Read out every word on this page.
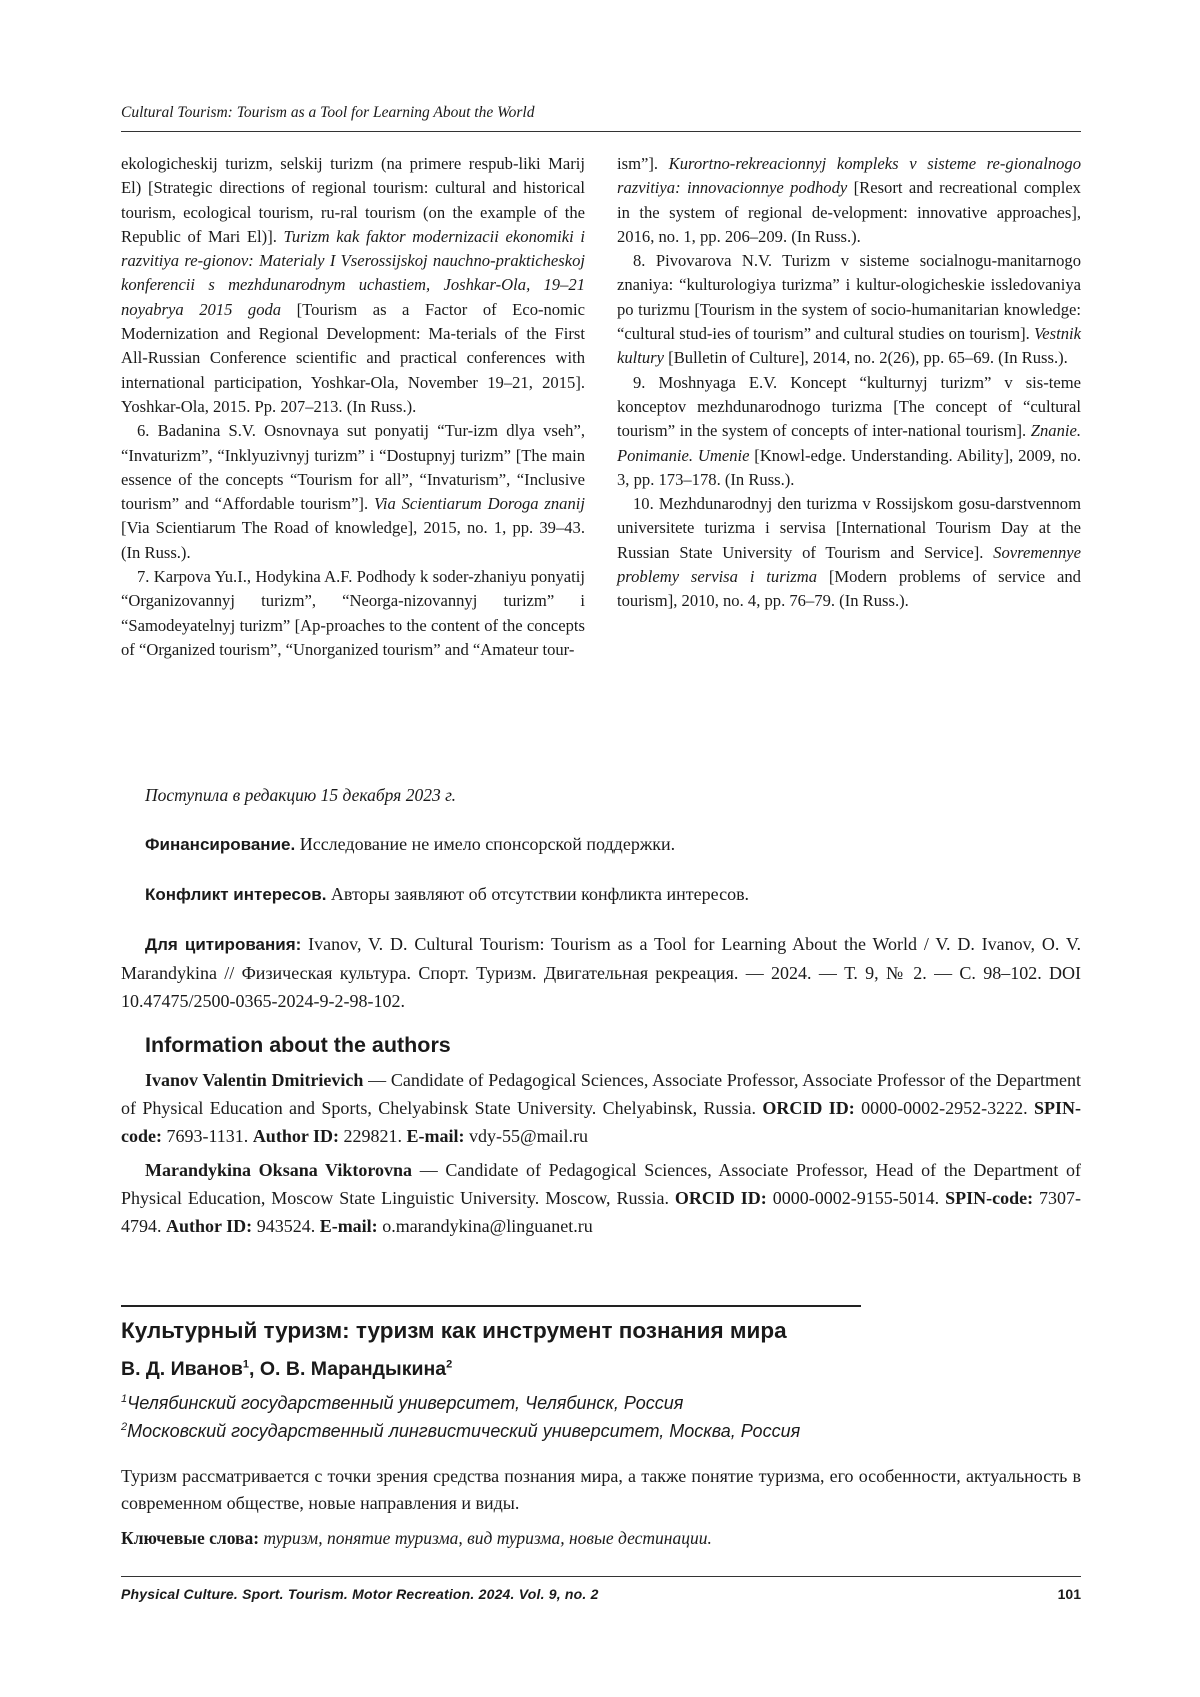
Cultural Tourism: Tourism as a Tool for Learning About the World

ekologicheskij turizm, selskij turizm (na primere respub-liki Marij El) [Strategic directions of regional tourism: cultural and historical tourism, ecological tourism, ru-ral tourism (on the example of the Republic of Mari El)]. Turizm kak faktor modernizacii ekonomiki i razvitiya re-gionov: Materialy I Vserossijskoj nauchno-prakticheskoj konferencii s mezhdunarodnym uchastiem, Joshkar-Ola, 19–21 noyabrya 2015 goda [Tourism as a Factor of Eco-nomic Modernization and Regional Development: Ma-terials of the First All-Russian Conference scientific and practical conferences with international participation, Yoshkar-Ola, November 19–21, 2015]. Yoshkar-Ola, 2015. Pp. 207–213. (In Russ.).

6. Badanina S.V. Osnovnaya sut ponyatij “Tur-izm dlya vseh”, “Invaturizm”, “Inklyuzivnyj turizm” i “Dostupnyj turizm” [The main essence of the concepts “Tourism for all”, “Invaturism”, “Inclusive tourism” and “Affordable tourism”]. Via Scientiarum Doroga znanij [Via Scientiarum The Road of knowledge], 2015, no. 1, pp. 39–43. (In Russ.).

7. Karpova Yu.I., Hodykina A.F. Podhody k soder-zhaniyu ponyatij “Organizovannyj turizm”, “Neorga-nizovannyj turizm” i “Samodeyatelnyj turizm” [Ap-proaches to the content of the concepts of “Organized tourism”, “Unorganized tourism” and “Amateur tour-

ism”]. Kurortno-rekreacionnyj kompleks v sisteme re-gionalnogo razvitiya: innovacionnye podhody [Resort and recreational complex in the system of regional de-velopment: innovative approaches], 2016, no. 1, pp. 206–209. (In Russ.).

8. Pivovarova N.V. Turizm v sisteme socialnogu-manitarnogo znaniya: “kulturologiya turizma” i kultur-ologicheskie issledovaniya po turizmu [Tourism in the system of socio-humanitarian knowledge: “cultural stud-ies of tourism” and cultural studies on tourism]. Vestnik kultury [Bulletin of Culture], 2014, no. 2(26), pp. 65–69. (In Russ.).

9. Moshnyaga E.V. Koncept “kulturnyj turizm” v sis-teme konceptov mezhdunarodnogo turizma [The concept of “cultural tourism” in the system of concepts of inter-national tourism]. Znanie. Ponimanie. Umenie [Knowl-edge. Understanding. Ability], 2009, no. 3, pp. 173–178. (In Russ.).

10. Mezhdunarodnyj den turizma v Rossijskom gosu-darstvennom universitete turizma i servisa [International Tourism Day at the Russian State University of Tourism and Service]. Sovremennye problemy servisa i turizma [Modern problems of service and tourism], 2010, no. 4, pp. 76–79. (In Russ.).

Поступила в редакцию 15 декабря 2023 г.

Финансирование. Исследование не имело спонсорской поддержки.

Конфликт интересов. Авторы заявляют об отсутствии конфликта интересов.

Для цитирования: Ivanov, V. D. Cultural Tourism: Tourism as a Tool for Learning About the World / V. D. Ivanov, O. V. Marandykina // Физическая культура. Спорт. Туризм. Двигательная рекреация. — 2024. — Т. 9, № 2. — С. 98–102. DOI 10.47475/2500-0365-2024-9-2-98-102.

Information about the authors

Ivanov Valentin Dmitrievich — Candidate of Pedagogical Sciences, Associate Professor, Associate Professor of the Department of Physical Education and Sports, Chelyabinsk State University. Chelyabinsk, Russia. ORCID ID: 0000-0002-2952-3222. SPIN-code: 7693-1131. Author ID: 229821. E-mail: vdy-55@mail.ru

Marandykina Oksana Viktorovna — Candidate of Pedagogical Sciences, Associate Professor, Head of the Department of Physical Education, Moscow State Linguistic University. Moscow, Russia. ORCID ID: 0000-0002-9155-5014. SPIN-code: 7307-4794. Author ID: 943524. E-mail: o.marandykina@linguanet.ru

Культурный туризм: туризм как инструмент познания мира
В. Д. Иванов$^1$, О. В. Марандыкина$^2$
$^1$Челябинский государственный университет, Челябинск, Россия
$^2$Московский государственный лингвистический университет, Москва, Россия
Туризм рассматривается с точки зрения средства познания мира, а также понятие туризма, его особенности, актуальность в современном обществе, новые направления и виды.
Ключевые слова: туризм, понятие туризма, вид туризма, новые дестинации.
Physical Culture. Sport. Tourism. Motor Recreation. 2024. Vol. 9, no. 2	101
